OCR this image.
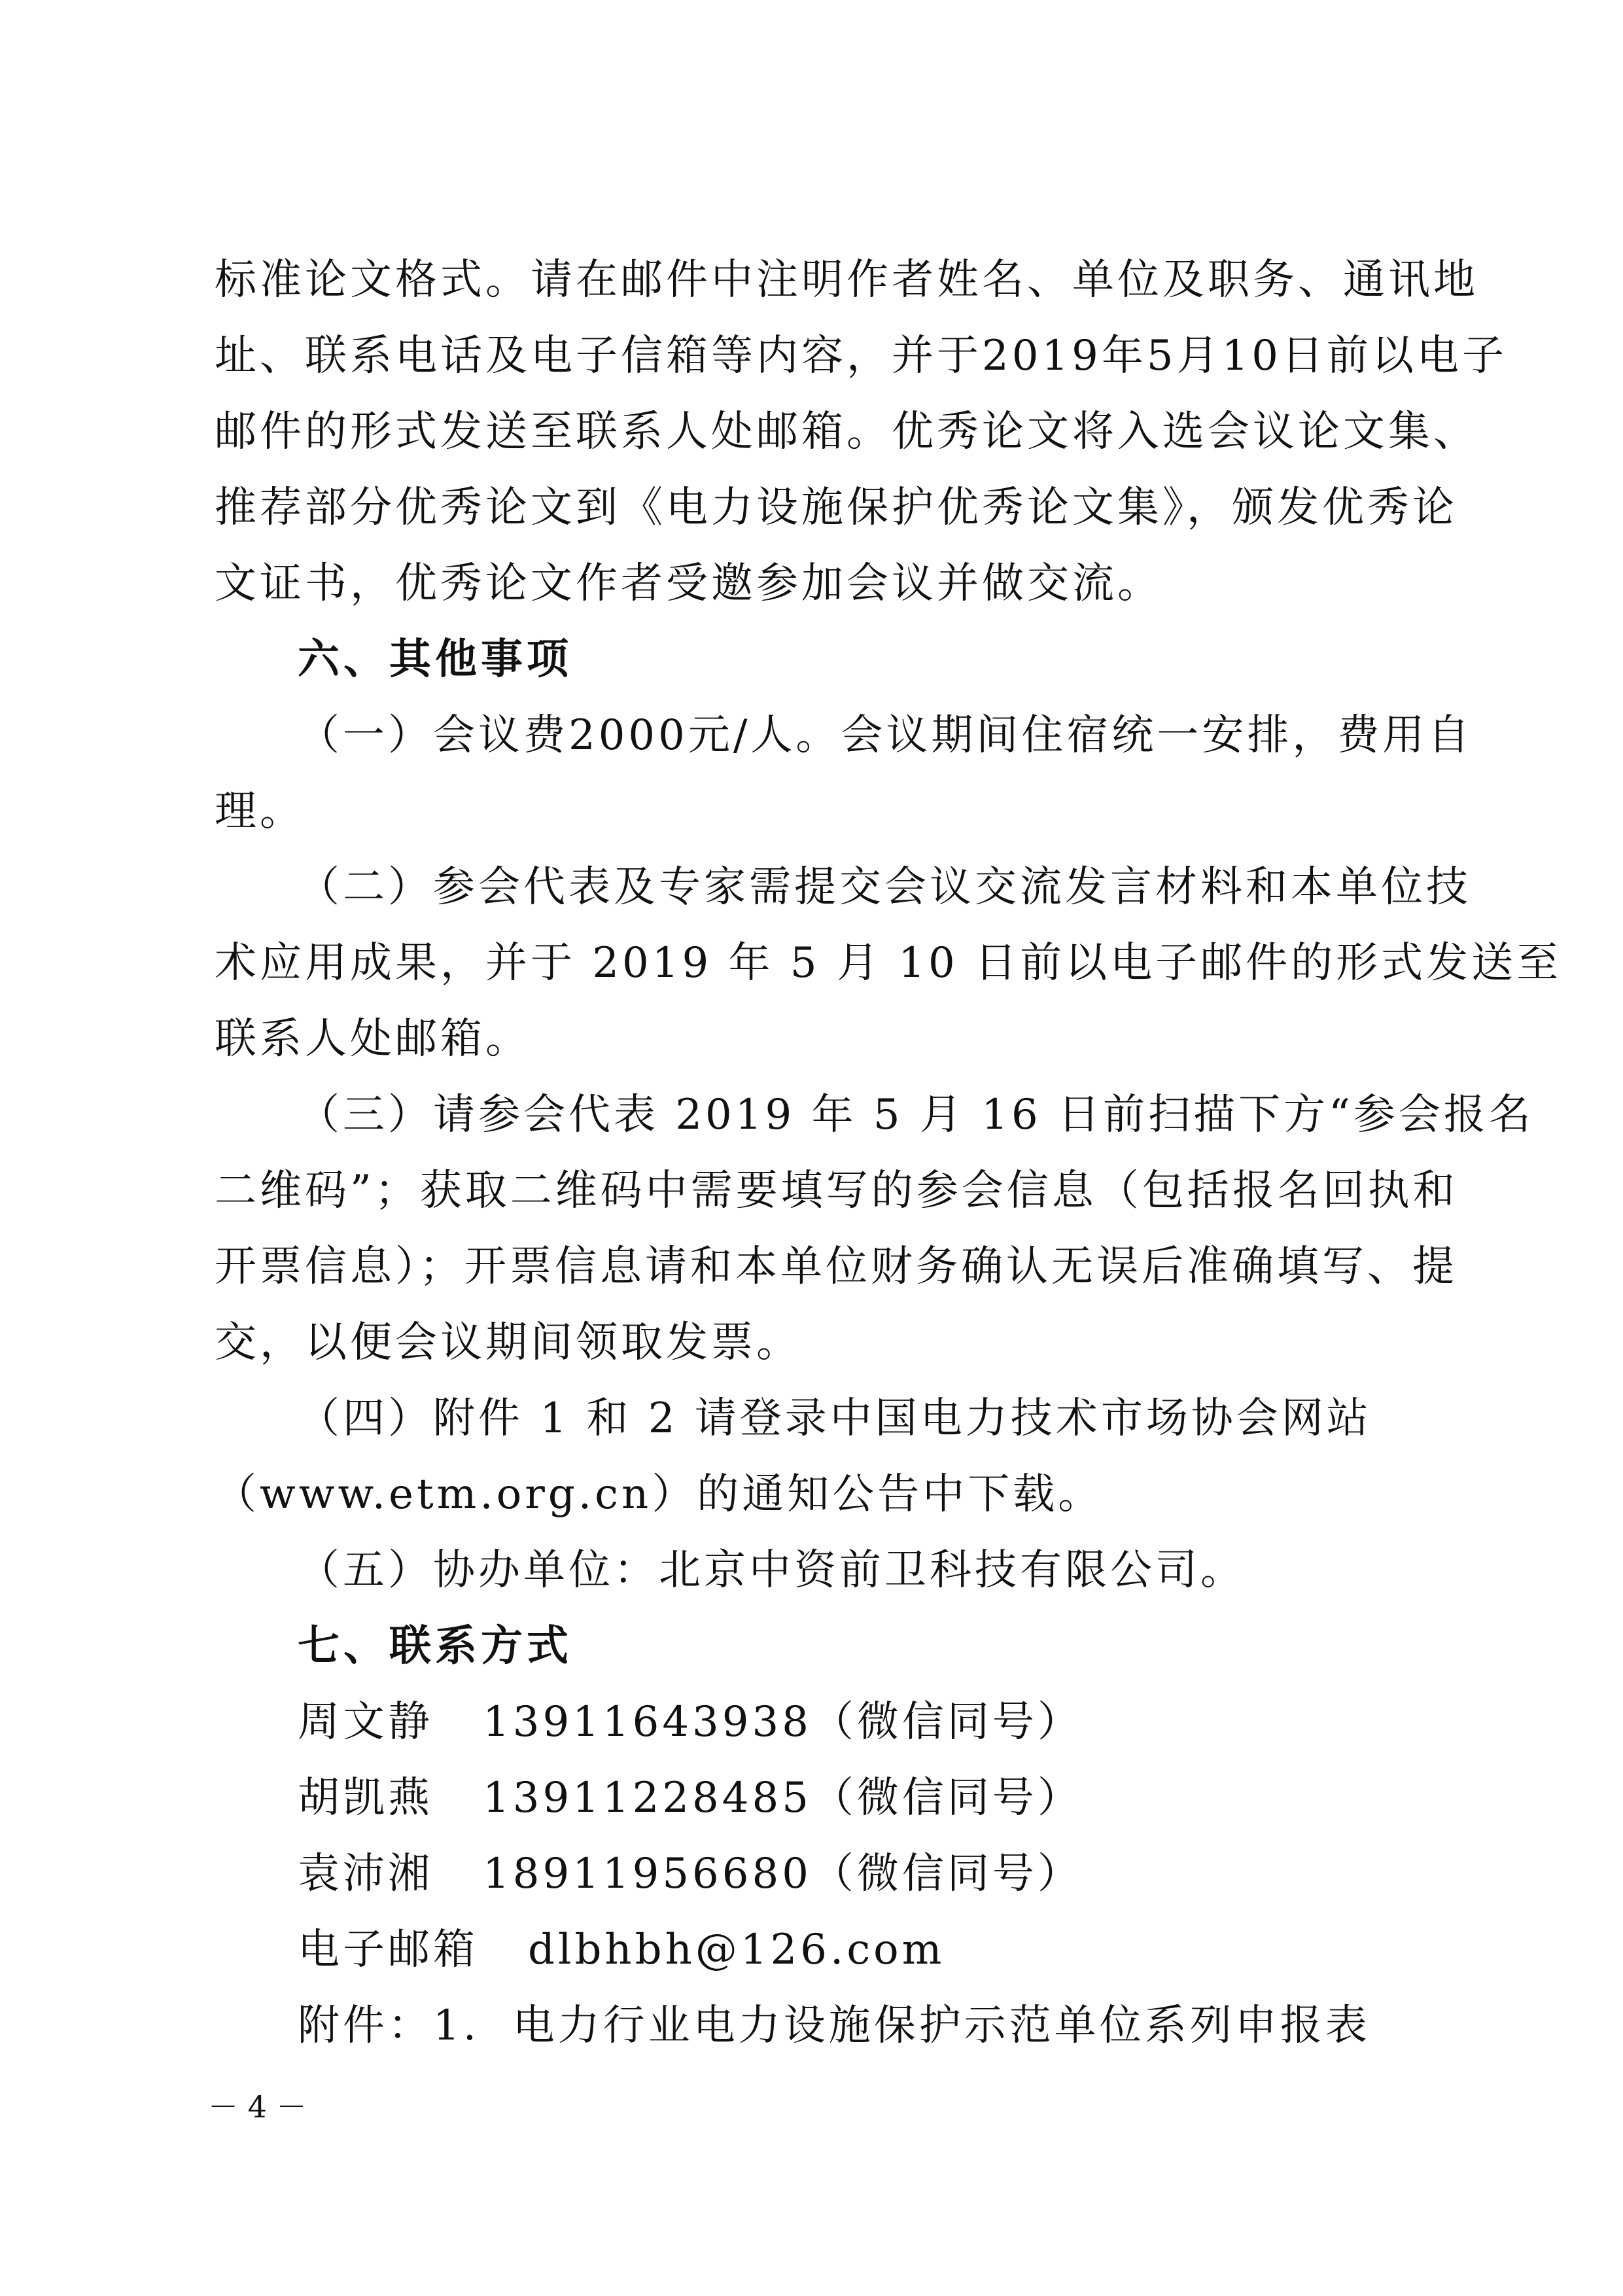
标准论文格式。请在邮件中注明作者姓名、单位及职务、通讯地
址、联系电话及电子信箱等内容，并于2019年5月10日前以电子
邮件的形式发送至联系人处邮箱。优秀论文将入选会议论文集、
推荐部分优秀论文到《电力设施保护优秀论文集》，颁发优秀论
文证书，优秀论文作者受邀参加会议并做交流。
六、其他事项
（一）会议费2000元/人。会议期间住宿统一安排，费用自
理。
（二）参会代表及专家需提交会议交流发言材料和本单位技
术应用成果，并于 2019 年 5 月 10 日前以电子邮件的形式发送至
联系人处邮箱。
（三）请参会代表 2019 年 5 月 16 日前扫描下方“参会报名
二维码”；获取二维码中需要填写的参会信息（包括报名回执和
开票信息）；开票信息请和本单位财务确认无误后准确填写、提
交，以便会议期间领取发票。
（四）附件 1 和 2 请登录中国电力技术市场协会网站
（www.etm.org.cn）的通知公告中下载。
（五）协办单位：北京中资前卫科技有限公司。
七、联系方式
周文静   13911643938（微信同号）
胡凯燕   13911228485（微信同号）
袁沛湘   18911956680（微信同号）
电子邮箱   dlbhbh@126.com
附件：1.  电力行业电力设施保护示范单位系列申报表
－ 4 －
